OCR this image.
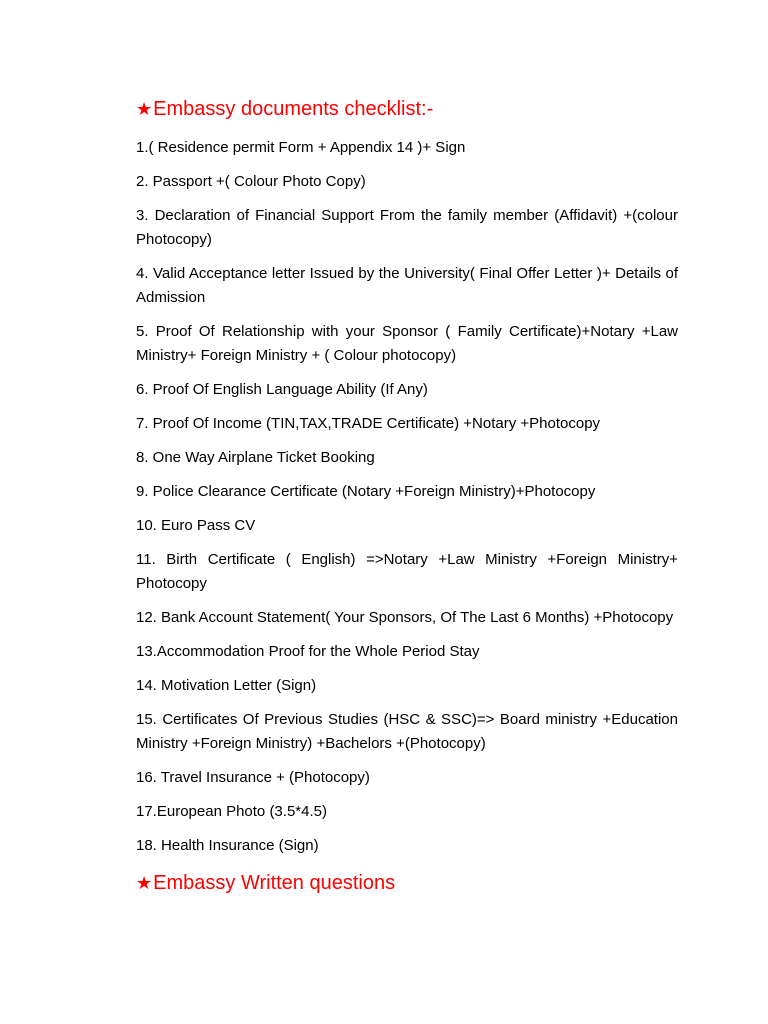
★Embassy documents checklist:-
1.( Residence permit Form + Appendix 14 )+ Sign
2. Passport +( Colour Photo Copy)
3. Declaration of Financial Support From the family member (Affidavit) +(colour Photocopy)
4. Valid Acceptance letter Issued by the University( Final Offer Letter )+ Details of Admission
5. Proof Of Relationship with your Sponsor ( Family Certificate)+Notary +Law Ministry+ Foreign Ministry + ( Colour photocopy)
6. Proof Of English Language Ability (If Any)
7. Proof Of Income (TIN,TAX,TRADE Certificate) +Notary +Photocopy
8. One Way Airplane Ticket Booking
9. Police Clearance Certificate (Notary +Foreign Ministry)+Photocopy
10. Euro Pass CV
11. Birth Certificate ( English) =>Notary +Law Ministry +Foreign Ministry+ Photocopy
12. Bank Account Statement( Your Sponsors, Of The Last 6 Months) +Photocopy
13.Accommodation Proof for the Whole Period Stay
14. Motivation Letter (Sign)
15. Certificates Of Previous Studies (HSC & SSC)=> Board ministry +Education Ministry +Foreign Ministry) +Bachelors +(Photocopy)
16. Travel Insurance + (Photocopy)
17.European Photo (3.5*4.5)
18. Health Insurance (Sign)
★Embassy Written questions
